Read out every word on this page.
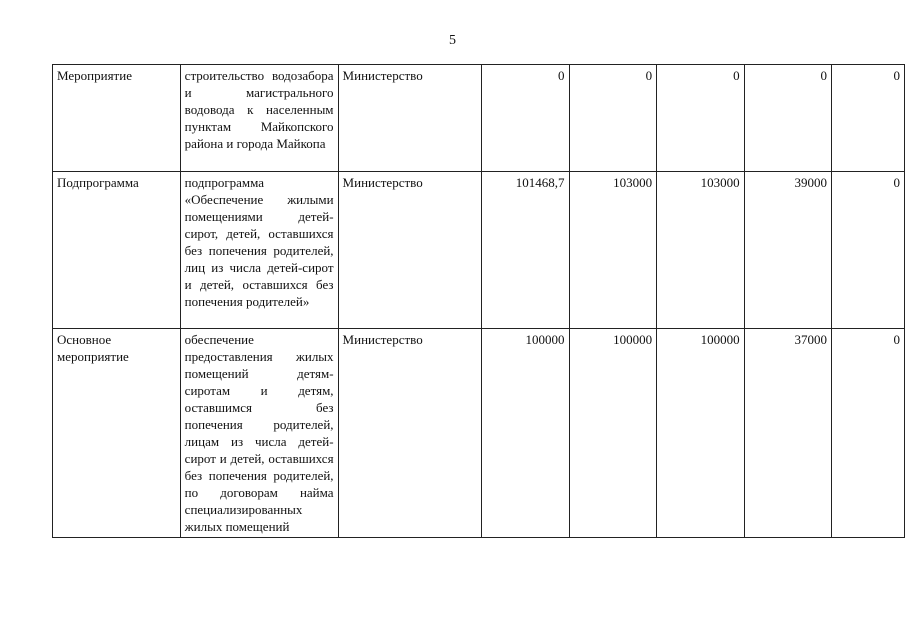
5
Мероприятие	строительство водозабора и магистрального водовода к населенным пунктам Майкопского района и города Майкопа	Министерство	0	0	0	0	0
Подпрограмма	подпрограмма «Обеспечение жилыми помещениями детей-сирот, детей, оставшихся без попечения родителей, лиц из числа детей-сирот и детей, оставшихся без попечения родителей»	Министерство	101468,7	103000	103000	39000	0
Основное мероприятие	обеспечение предоставления жилых помещений детям-сиротам и детям, оставшимся без попечения родителей, лицам из числа детей-сирот и детей, оставшихся без попечения родителей, по договорам найма специализированных жилых помещений	Министерство	100000	100000	100000	37000	0
